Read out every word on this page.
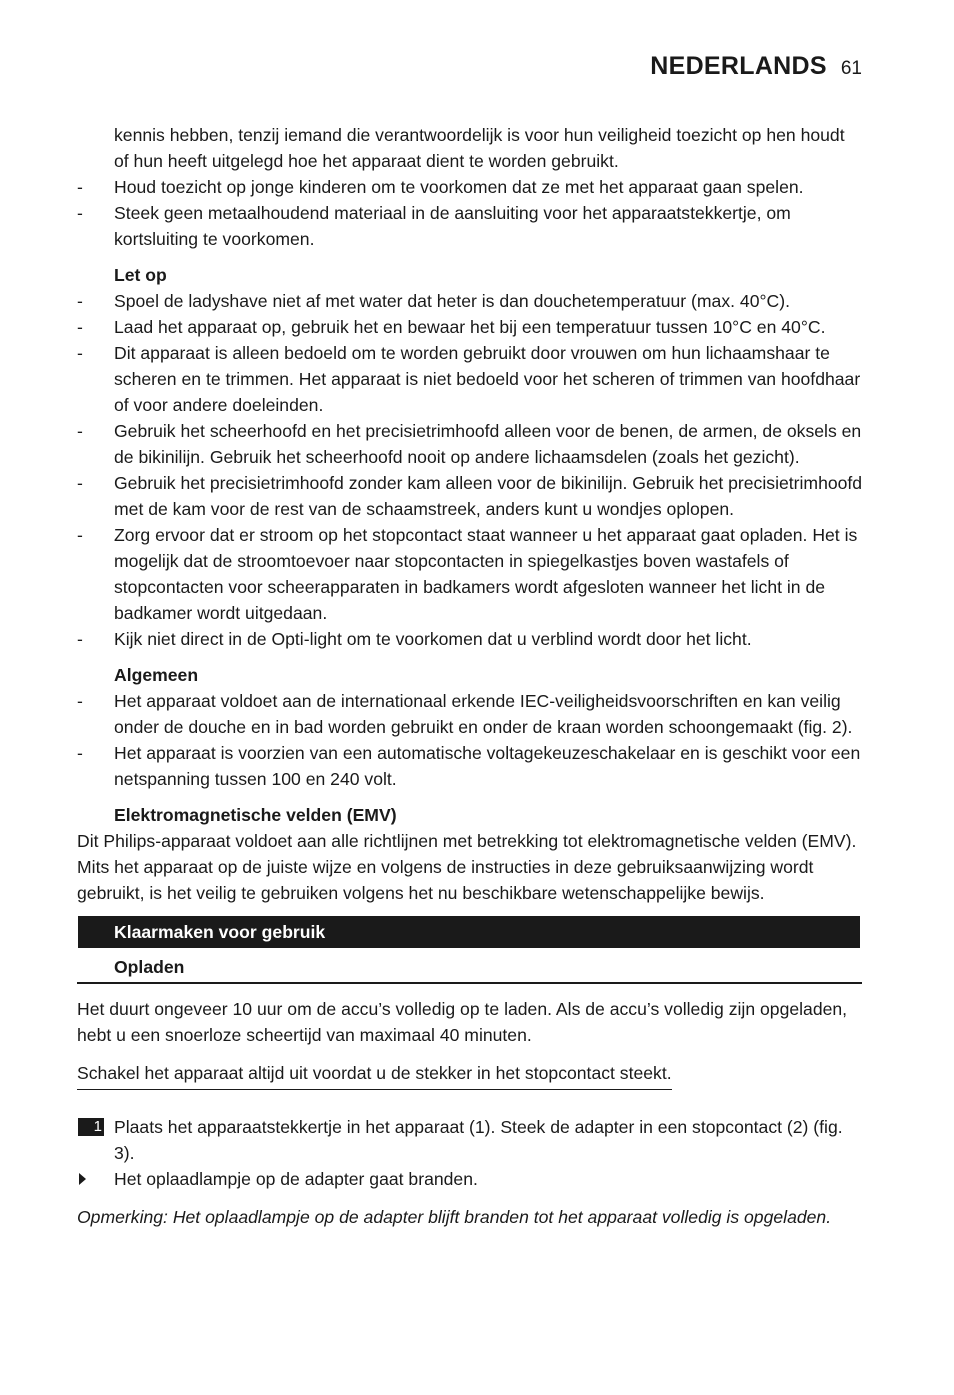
NEDERLANDS 61
kennis hebben, tenzij iemand die verantwoordelijk is voor hun veiligheid toezicht op hen houdt of hun heeft uitgelegd hoe het apparaat dient te worden gebruikt.
- Houd toezicht op jonge kinderen om te voorkomen dat ze met het apparaat gaan spelen.
- Steek geen metaalhoudend materiaal in de aansluiting voor het apparaatstekkertje, om kortsluiting te voorkomen.
Let op
- Spoel de ladyshave niet af met water dat heter is dan douchetemperatuur (max. 40°C).
- Laad het apparaat op, gebruik het en bewaar het bij een temperatuur tussen 10°C en 40°C.
- Dit apparaat is alleen bedoeld om te worden gebruikt door vrouwen om hun lichaamshaar te scheren en te trimmen. Het apparaat is niet bedoeld voor het scheren of trimmen van hoofdhaar of voor andere doeleinden.
- Gebruik het scheerhoofd en het precisietrimhoofd alleen voor de benen, de armen, de oksels en de bikinilijn. Gebruik het scheerhoofd nooit op andere lichaamsdelen (zoals het gezicht).
- Gebruik het precisietrimhoofd zonder kam alleen voor de bikinilijn. Gebruik het precisietrimhoofd met de kam voor de rest van de schaamstreek, anders kunt u wondjes oplopen.
- Zorg ervoor dat er stroom op het stopcontact staat wanneer u het apparaat gaat opladen. Het is mogelijk dat de stroomtoevoer naar stopcontacten in spiegelkastjes boven wastafels of stopcontacten voor scheerapparaten in badkamers wordt afgesloten wanneer het licht in de badkamer wordt uitgedaan.
- Kijk niet direct in de Opti-light om te voorkomen dat u verblind wordt door het licht.
Algemeen
- Het apparaat voldoet aan de internationaal erkende IEC-veiligheidsvoorschriften en kan veilig onder de douche en in bad worden gebruikt en onder de kraan worden schoongemaakt (fig. 2).
- Het apparaat is voorzien van een automatische voltagekeuzeschakelaar en is geschikt voor een netspanning tussen 100 en 240 volt.
Elektromagnetische velden (EMV)
Dit Philips-apparaat voldoet aan alle richtlijnen met betrekking tot elektromagnetische velden (EMV). Mits het apparaat op de juiste wijze en volgens de instructies in deze gebruiksaanwijzing wordt gebruikt, is het veilig te gebruiken volgens het nu beschikbare wetenschappelijke bewijs.
Klaarmaken voor gebruik
Opladen
Het duurt ongeveer 10 uur om de accu’s volledig op te laden. Als de accu’s volledig zijn opgeladen, hebt u een snoerloze scheertijd van maximaal 40 minuten.
Schakel het apparaat altijd uit voordat u de stekker in het stopcontact steekt.
1 Plaats het apparaatstekkertje in het apparaat (1). Steek de adapter in een stopcontact (2) (fig. 3).
Het oplaadlampje op de adapter gaat branden.
Opmerking: Het oplaadlampje op de adapter blijft branden tot het apparaat volledig is opgeladen.
